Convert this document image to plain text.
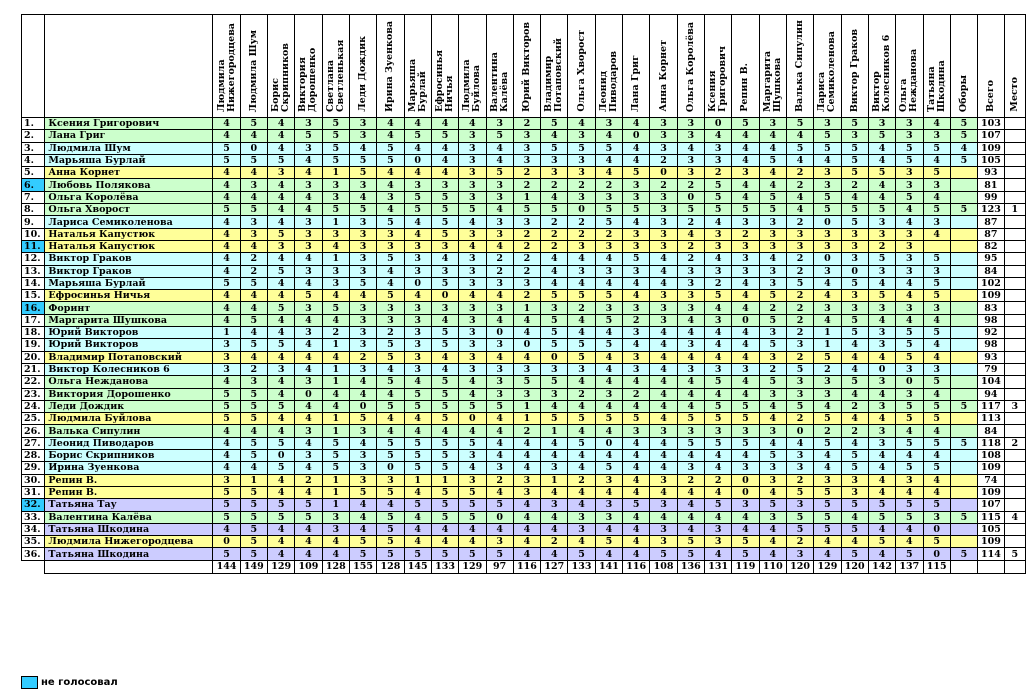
		Людмила Нижегородцева	Людмила Шум	Борис Скрипников	Виктория Дорошенко	Светлана Светленькая	Леди Дождик	Ирина Зуенкова	Марьяша Бурлай	Ефросинья Ничья	Людмила Буйлова	Валентина Калёва	Юрий Викторов	Владимир Потаповский	Ольга Хворост	Леонид Пиводаров	Лана Григ	Анна Корнет	Ольга Королёва	Ксения Григорович	Репин В.	Маргарита Шушкова	Валька Сипулин	Лариса Семиколенова	Виктор Граков	Виктор Колесников 6	Ольга Нежданова	Татьяна Шкодина	Оборы	Всего	Место
1.	Ксения Григорович	4	5	4	3	5	3	4	4	4	4	3	2	5	4	3	4	3	3	0	5	3	5	3	5	3	3	4	5	103	
2.	Лана Григ	4	4	4	5	5	3	4	5	5	3	5	3	4	3	4	0	3	3	4	4	4	4	5	3	5	3	3	5	107	
3.	Людмила Шум	5	0	4	3	5	4	5	4	4	3	4	3	5	5	5	4	3	4	3	4	4	5	5	5	4	5	5	4	109	
4.	Марьяша Бурлай	5	5	5	4	5	5	5	0	4	3	4	3	3	3	4	4	2	3	3	4	5	4	4	5	4	5	4	5	105	
5.	Анна Корнет	4	4	3	4	1	5	4	4	4	3	5	2	3	3	4	5	0	3	2	3	4	2	3	5	5	3	5		93	
6.	Любовь Полякова	4	3	4	3	3	3	4	3	3	3	3	2	2	2	2	3	2	2	5	4	4	2	3	2	4	3	3		81	
7.	Ольга Королёва	4	4	4	4	3	4	3	5	5	3	3	1	4	3	3	3	3	0	5	4	5	4	5	4	4	5	4		99	
8.	Ольга Хворост	5	5	4	4	5	5	4	5	5	5	4	5	5	0	5	5	3	5	5	5	5	4	5	5	5	4	5	5	123	1
9.	Лариса Семиколенова	4	3	4	3	1	3	5	4	5	4	3	3	2	2	5	4	3	2	4	3	3	2	0	5	3	4	3		87	
10.	Наталья Капустюк	4	3	5	3	3	3	3	4	5	3	3	2	2	2	2	3	3	4	3	2	3	3	3	3	3	3	4		87	
11.	Наталья Капустюк	4	4	3	3	4	3	3	3	3	4	4	2	2	3	3	3	3	2	3	3	3	3	3	3	2	3			82	
12.	Виктор Граков	4	2	4	4	1	3	5	3	4	3	2	2	4	4	4	5	4	2	4	3	4	2	0	3	5	3	5		95	
13.	Виктор Граков	4	2	5	3	3	3	4	3	3	3	2	2	4	3	3	3	4	3	3	3	3	2	3	0	3	3	3		84	
14.	Марьяша Бурлай	5	5	4	4	3	5	4	0	5	3	3	3	4	4	4	4	4	3	2	4	3	5	4	5	4	4	5		102	
15.	Ефросинья Ничья	4	4	4	5	4	4	5	4	0	4	4	2	5	5	5	4	3	3	5	4	5	2	4	3	5	4	5		109	
16.	Форинт	4	4	5	3	5	3	3	3	3	3	3	1	3	2	3	3	3	3	4	4	2	2	3	3	3	3	3		83	
17.	Маргарита Шушкова	4	5	4	4	4	3	3	3	4	3	4	4	5	4	5	2	3	4	3	0	5	2	4	5	4	4	4		98	
18.	Юрий Викторов	1	4	4	3	2	3	2	3	5	3	0	4	5	4	4	3	4	4	4	4	3	2	1	5	3	5	5		92	
19.	Юрий Викторов	3	5	5	4	1	3	5	3	5	3	3	0	5	5	5	4	4	3	4	4	5	3	1	4	3	5	4		98	
20.	Владимир Потаповский	3	4	4	4	4	2	5	3	4	3	4	4	0	5	4	3	4	4	4	4	3	2	5	4	4	5	4		93	
21.	Виктор Колесников 6	3	2	3	4	1	3	4	3	4	3	3	3	3	3	4	3	4	3	3	3	2	5	2	4	0	3	3		79	
22.	Ольга Нежданова	4	3	4	3	1	4	5	4	5	4	3	5	5	4	4	4	4	4	5	4	5	3	3	5	3	0	5		104	
23.	Виктория Дорошенко	5	5	4	0	4	4	4	5	5	4	3	3	3	2	3	2	4	4	4	4	3	3	3	4	4	3	4		94	
24.	Леди Дождик	5	5	5	4	4	0	5	5	5	5	5	1	4	4	4	4	4	4	5	5	4	5	4	2	3	5	5	5	117	3
25.	Людмила Буйлова	5	5	4	4	1	5	4	4	5	0	4	1	5	5	5	5	4	5	5	5	4	2	5	4	4	5	5		113	
26.	Валька Сипулин	4	4	4	3	1	3	4	4	4	4	4	2	1	4	4	3	3	3	3	3	3	0	2	2	3	4	4		84	
27.	Леонид Пиводаров	4	5	5	4	5	4	5	5	5	5	4	4	4	5	0	4	4	5	5	5	4	4	5	4	3	5	5	5	118	2
28.	Борис Скрипников	4	5	0	3	5	3	5	5	5	3	4	4	4	4	4	4	4	4	4	4	5	3	4	5	4	4	4		108	
29.	Ирина Зуенкова	4	4	5	4	5	3	0	5	5	4	3	4	3	4	5	4	4	3	4	3	3	3	4	5	4	5	5		109	
30.	Репин В.	3	1	4	2	1	3	3	1	1	3	2	3	1	2	3	4	3	2	2	0	3	2	3	3	4	3	4		74	
31.	Репин В.	5	5	4	4	1	5	5	4	5	5	4	3	4	4	4	4	4	4	4	0	4	5	5	3	4	4	4		109	
32.	Татьяна Тау	5	5	5	5	1	4	4	5	5	5	5	4	3	4	3	5	3	4	5	3	5	3	5	5	5	5	5		107	
33.	Валентина Калёва	5	5	5	5	3	4	5	4	5	5	0	4	4	3	3	4	4	4	4	4	3	5	5	4	5	5	3	5	115	4
34.	Татьяна Шкодина	4	5	4	4	3	4	5	4	4	4	4	4	4	3	4	4	3	4	3	4	4	5	5	5	4	4	0		105	
35.	Людмила Нижегородцева	0	5	4	4	4	5	5	4	4	4	3	4	2	4	5	4	3	5	3	5	4	2	4	4	5	4	5		109	
36.	Татьяна Шкодина	5	5	4	4	4	5	5	5	5	5	5	4	4	5	4	4	5	5	4	5	4	3	4	5	4	5	0	5	114	5
		144	149	129	109	128	155	128	145	133	129	97	116	127	133	141	116	108	136	131	119	110	120	129	120	142	137	115			
не голосовал
